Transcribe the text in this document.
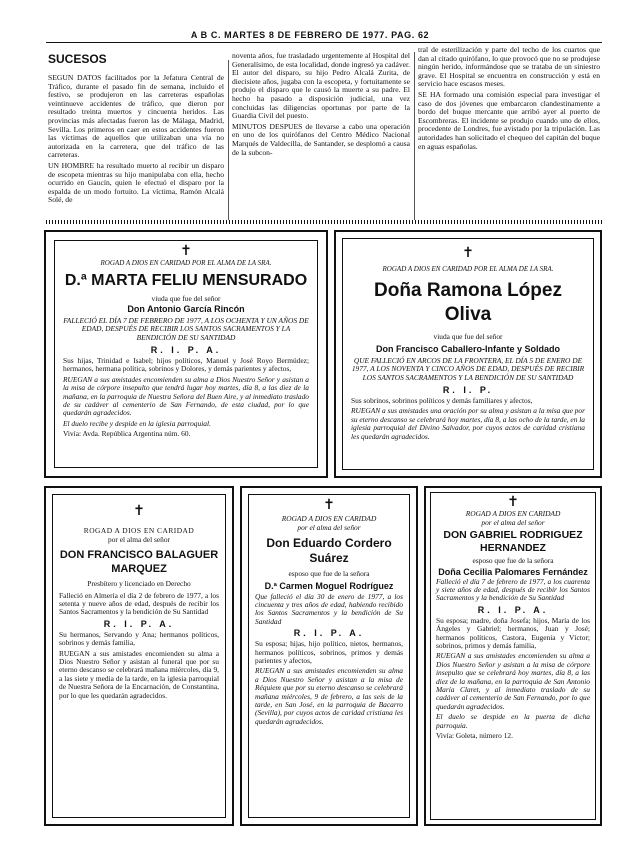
A B C. MARTES 8 DE FEBRERO DE 1977. PAG. 62
SUCESOS

SEGUN DATOS facilitados por la Jefatura Central de Tráfico, durante el pasado fin de semana, incluido el festivo, se produjeron en las carreteras españolas veintinueve accidentes de tráfico, que dieron por resultado treinta muertos y cincuenta heridos. Las provincias más afectadas fueron las de Málaga, Madrid, Sevilla. Los primeros en caer en estos accidentes fueron las víctimas de aquellos que utilizaban una vía no autorizada en la carretera, que del tráfico de las carreteras.

UN HOMBRE ha resultado muerto al recibir un disparo de escopeta mientras su hijo manipulaba con ella, hecho ocurrido en Gaucín, quien le efectuó el disparo por la espalda de un modo fortuito. La víctima, Ramón Alcalá Solé, de

noventa años, fue trasladado urgentemente al Hospital del Generalísimo, de esta localidad, donde ingresó ya cadáver. El autor del disparo, su hijo Pedro Alcalá Zurita, de diecisiete años, jugaba con la escopeta, y fortuitamente se produjo el disparo que le causó la muerte a su padre. El hecho ha pasado a disposición judicial, una vez concluidas las diligencias oportunas por parte de la Guardia Civil del puesto.

MINUTOS DESPUES de llevarse a cabo una operación en uno de los quirófanos del Centro Médico Nacional Marqués de Valdecilla, de Santander, se desplomó a causa de la subcon-

tral de esterilización y parte del techo de los cuartos que dan al citado quirófano, lo que provocó que no se produjese ningún herido, informándose que se trataba de un siniestro grave. El Hospital se encuentra en construcción y está en servicio hace escasos meses.

SE HA formado una comisión especial para investigar el caso de dos jóvenes que embarcaron clandestinamente a bordo del buque mercante que arribó ayer al puerto de Escombreras. El incidente se produjo cuando uno de ellos, procedente de Londres, fue avistado por la tripulación. Las autoridades han solicitado el chequeo del capitán del buque en aguas españolas.

✝
ROGAD A DIOS EN CARIDAD POR EL ALMA DE LA SRA.
D.ª MARTA FELIU MENSURADO
viuda que fue del señor
Don Antonio García Rincón
FALLECIÓ EL DÍA 7 DE FEBRERO DE 1977, A LOS OCHENTA Y UN AÑOS DE EDAD, DESPUÉS DE RECIBIR LOS SANTOS SACRAMENTOS Y LA BENDICIÓN DE SU SANTIDAD
R. I. P. A.

Sus hijas, Trinidad e Isabel; hijos políticos, Manuel y José Royo Bermúdez; hermanos, hermana política, sobrinos y Dolores, y demás parientes y afectos,

RUEGAN a sus amistades encomienden su alma a Dios Nuestro Señor y asistan a la misa de córpore insepulto que tendrá lugar hoy martes, día 8, a las diez de la mañana, en la parroquia de Nuestra Señora del Buen Aire, y al inmediato traslado de su cadáver al cementerio de San Fernando, de esta ciudad, por lo que quedarán agradecidos.

El duelo recibe y despide en la iglesia parroquial.

Vivía: Avda. República Argentina núm. 60.

✝
ROGAD A DIOS EN CARIDAD POR EL ALMA DE LA SRA.
Doña Ramona López Oliva
viuda que fue del señor
Don Francisco Caballero-Infante y Soldado
QUE FALLECIÓ EN ARCOS DE LA FRONTERA, EL DÍA 5 DE ENERO DE 1977, A LOS NOVENTA Y CINCO AÑOS DE EDAD, DESPUÉS DE RECIBIR LOS SANTOS SACRAMENTOS Y LA BENDICIÓN DE SU SANTIDAD
R. I. P.

Sus sobrinos, sobrinos políticos y demás familiares y afectos,

RUEGAN a sus amistades una oración por su alma y asistan a la misa que por su eterno descanso se celebrará hoy martes, día 8, a las ocho de la tarde, en la iglesia parroquial del Divino Salvador, por cuyos actos de caridad cristiana les quedarán agradecidos.

✝
ROGAD A DIOS EN CARIDAD
por el alma del señor
DON FRANCISCO BALAGUER MARQUEZ
Presbítero y licenciado en Derecho

Falleció en Almería el día 2 de febrero de 1977, a los setenta y nueve años de edad, después de recibir los Santos Sacramentos y la bendición de Su Santidad

R. I. P. A.

Su hermanos, Servando y Ana; hermanos políticos, sobrinos y demás familia,

RUEGAN a sus amistades encomienden su alma a Dios Nuestro Señor y asistan al funeral que por su eterno descanso se celebrará mañana miércoles, día 9, a las siete y media de la tarde, en la iglesia parroquial de Nuestra Señora de la Encarnación, de Constantina, por lo que les quedarán agradecidos.

✝
ROGAD A DIOS EN CARIDAD
por el alma del señor
Don Eduardo Cordero Suárez
esposo que fue de la señora
D.ª Carmen Moguel Rodríguez

Que falleció el día 30 de enero de 1977, a los cincuenta y tres años de edad, habiendo recibido los Santos Sacramentos y la bendición de Su Santidad

R. I. P. A.

Su esposa; hijas, hijo político, nietos, hermanos, hermanos políticos, sobrinos, primos y demás parientes y afectos,

RUEGAN a sus amistades encomienden su alma a Dios Nuestro Señor y asistan a la misa de Réquiem que por su eterno descanso se celebrará mañana miércoles, 9 de febrero, a las seis de la tarde, en San José, en la parroquia de Bacarro (Sevilla), por cuyos actos de caridad cristiana les quedarán agradecidos.

✝
ROGAD A DIOS EN CARIDAD
por el alma del señor
DON GABRIEL RODRIGUEZ HERNANDEZ
esposo que fue de la señora
Doña Cecilia Palomares Fernández

Falleció el día 7 de febrero de 1977, a los cuarenta y siete años de edad, después de recibir los Santos Sacramentos y la bendición de Su Santidad

R. I. P. A.

Su esposa; madre, doña Josefa; hijos, María de los Ángeles y Gabriel; hermanos, Juan y José; hermanos políticos, Castora, Eugenia y Víctor; sobrinos, primos y demás familia,

RUEGAN a sus amistades encomienden su alma a Dios Nuestro Señor y asistan a la misa de córpore insepulto que se celebrará hoy martes, día 8, a las diez de la mañana, en la parroquia de San Antonio María Claret, y al inmediato traslado de su cadáver al cementerio de San Fernando, por lo que quedarán agradecidos.

El duelo se despide en la puerta de dicha parroquia.

Vivía: Goleta, número 12.
